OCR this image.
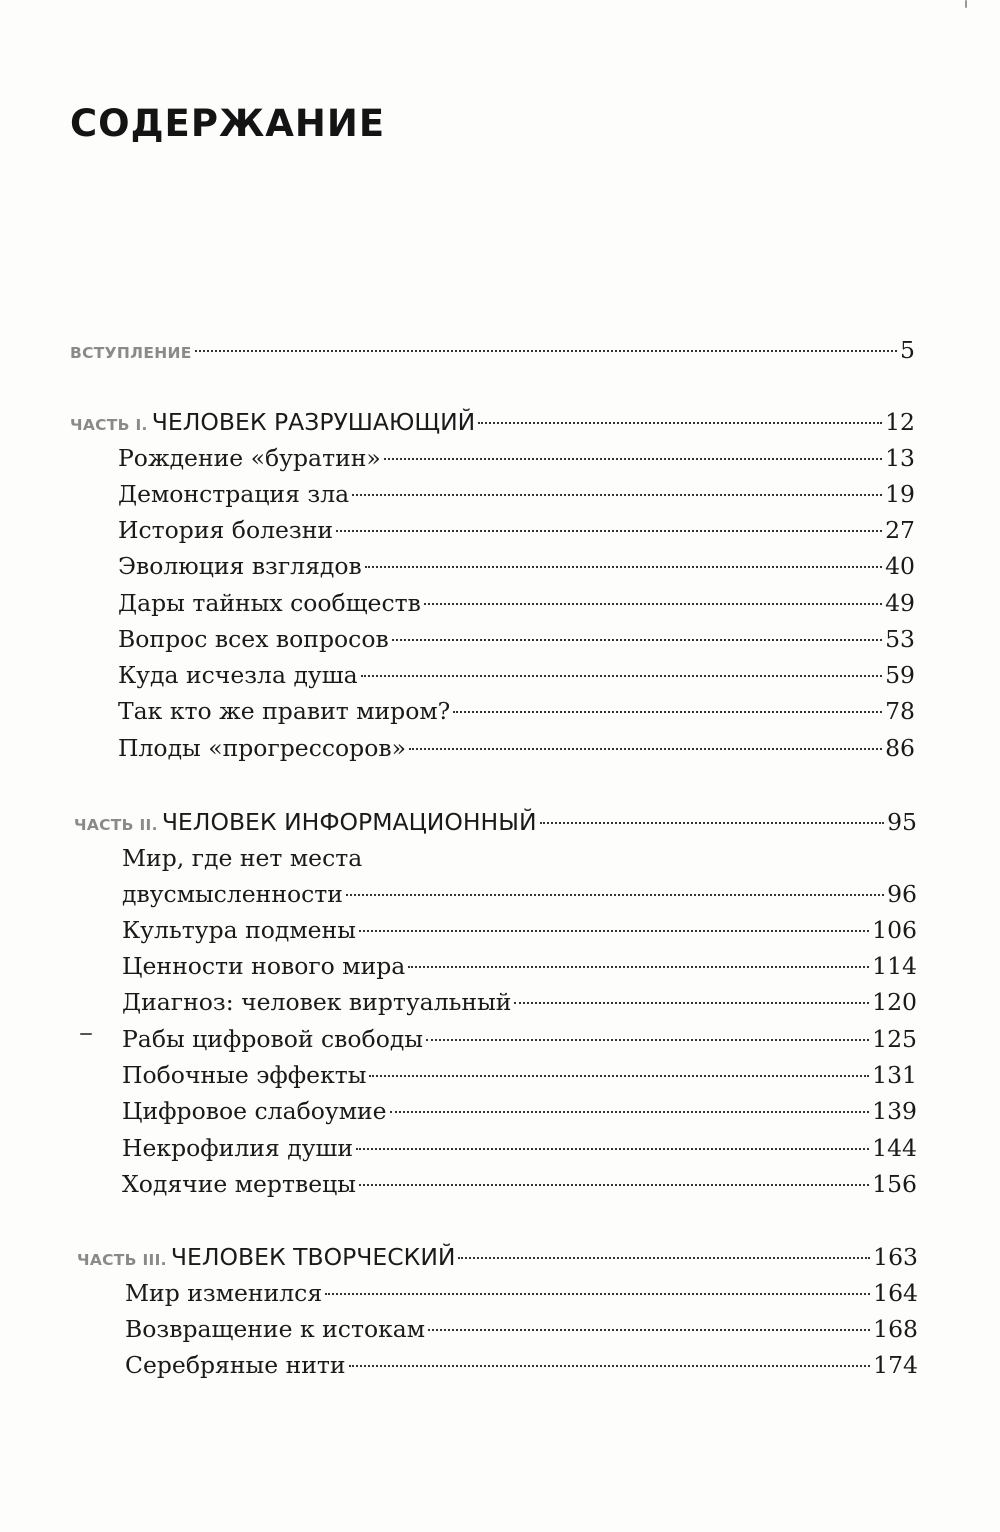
СОДЕРЖАНИЕ
ВСТУПЛЕНИЕ	5
ЧАСТЬ I. ЧЕЛОВЕК РАЗРУШАЮЩИЙ	12
Рождение «буратин»	13
Демонстрация зла	19
История болезни	27
Эволюция взглядов	40
Дары тайных сообществ	49
Вопрос всех вопросов	53
Куда исчезла душа	59
Так кто же правит миром?	78
Плоды «прогрессоров»	86
ЧАСТЬ II. ЧЕЛОВЕК ИНФОРМАЦИОННЫЙ	95
Мир, где нет места
двусмысленности	96
Культура подмены	106
Ценности нового мира	114
Диагноз: человек виртуальный	120
Рабы цифровой свободы	125
Побочные эффекты	131
Цифровое слабоумие	139
Некрофилия души	144
Ходячие мертвецы	156
ЧАСТЬ III. ЧЕЛОВЕК ТВОРЧЕСКИЙ	163
Мир изменился	164
Возвращение к истокам	168
Серебряные нити	174
